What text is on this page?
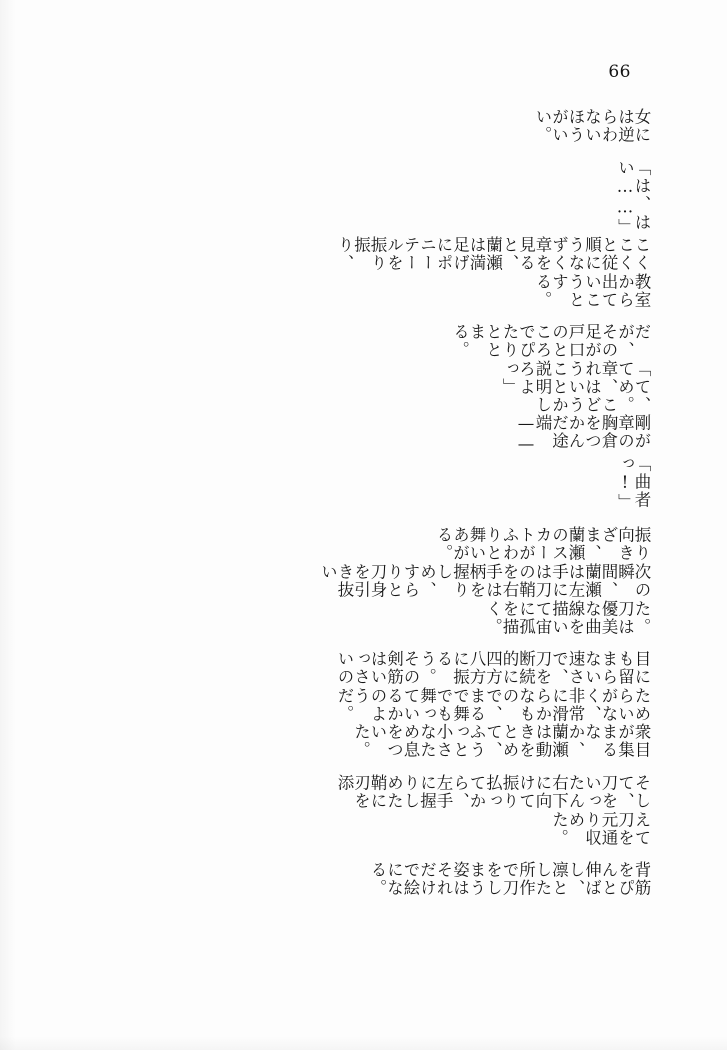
66
女には逆らわないほうがいい。
「は、はい……」
こくこくと従順にうなずく章を見ると、蘭瀬は満足げにポニーテールを振り振り、
教室から出ていこうとする。
だが、その足が戸口のところでぴたりととまる。
「て、てめ。章、これはどういうことか説明しろよっ」
剛が章の胸倉をつかんだ途端——
「曲者っ!」
振り向きざま、蘭瀬のスカートがふわりと舞いあがる。
次の瞬間、蘭瀬は左手には刀の鞘を右手は柄を握りしめ、すらりと刀身を引き抜い
た。刀は優美な曲線を描いて宙に孤を描く。
目にも留まらない速さで、刀を断続的に四方八方に振るう。その剣筋はいっさいの
ためらいがなく、非常に滑らかなもので、まるで舞でも舞っているかのようだ。
衆目が集まるなか、蘭瀬は動きをとめて、ふうっと小さなため息をついた。
そして、刀をいったん右下に向けて振り払ってから、左手に握りしめた鞘に刃を添
えて刀を元通り収めた。
背筋をぴんと伸ばし、凛とした所作で刀をしまう姿はそれだけで絵になる。
